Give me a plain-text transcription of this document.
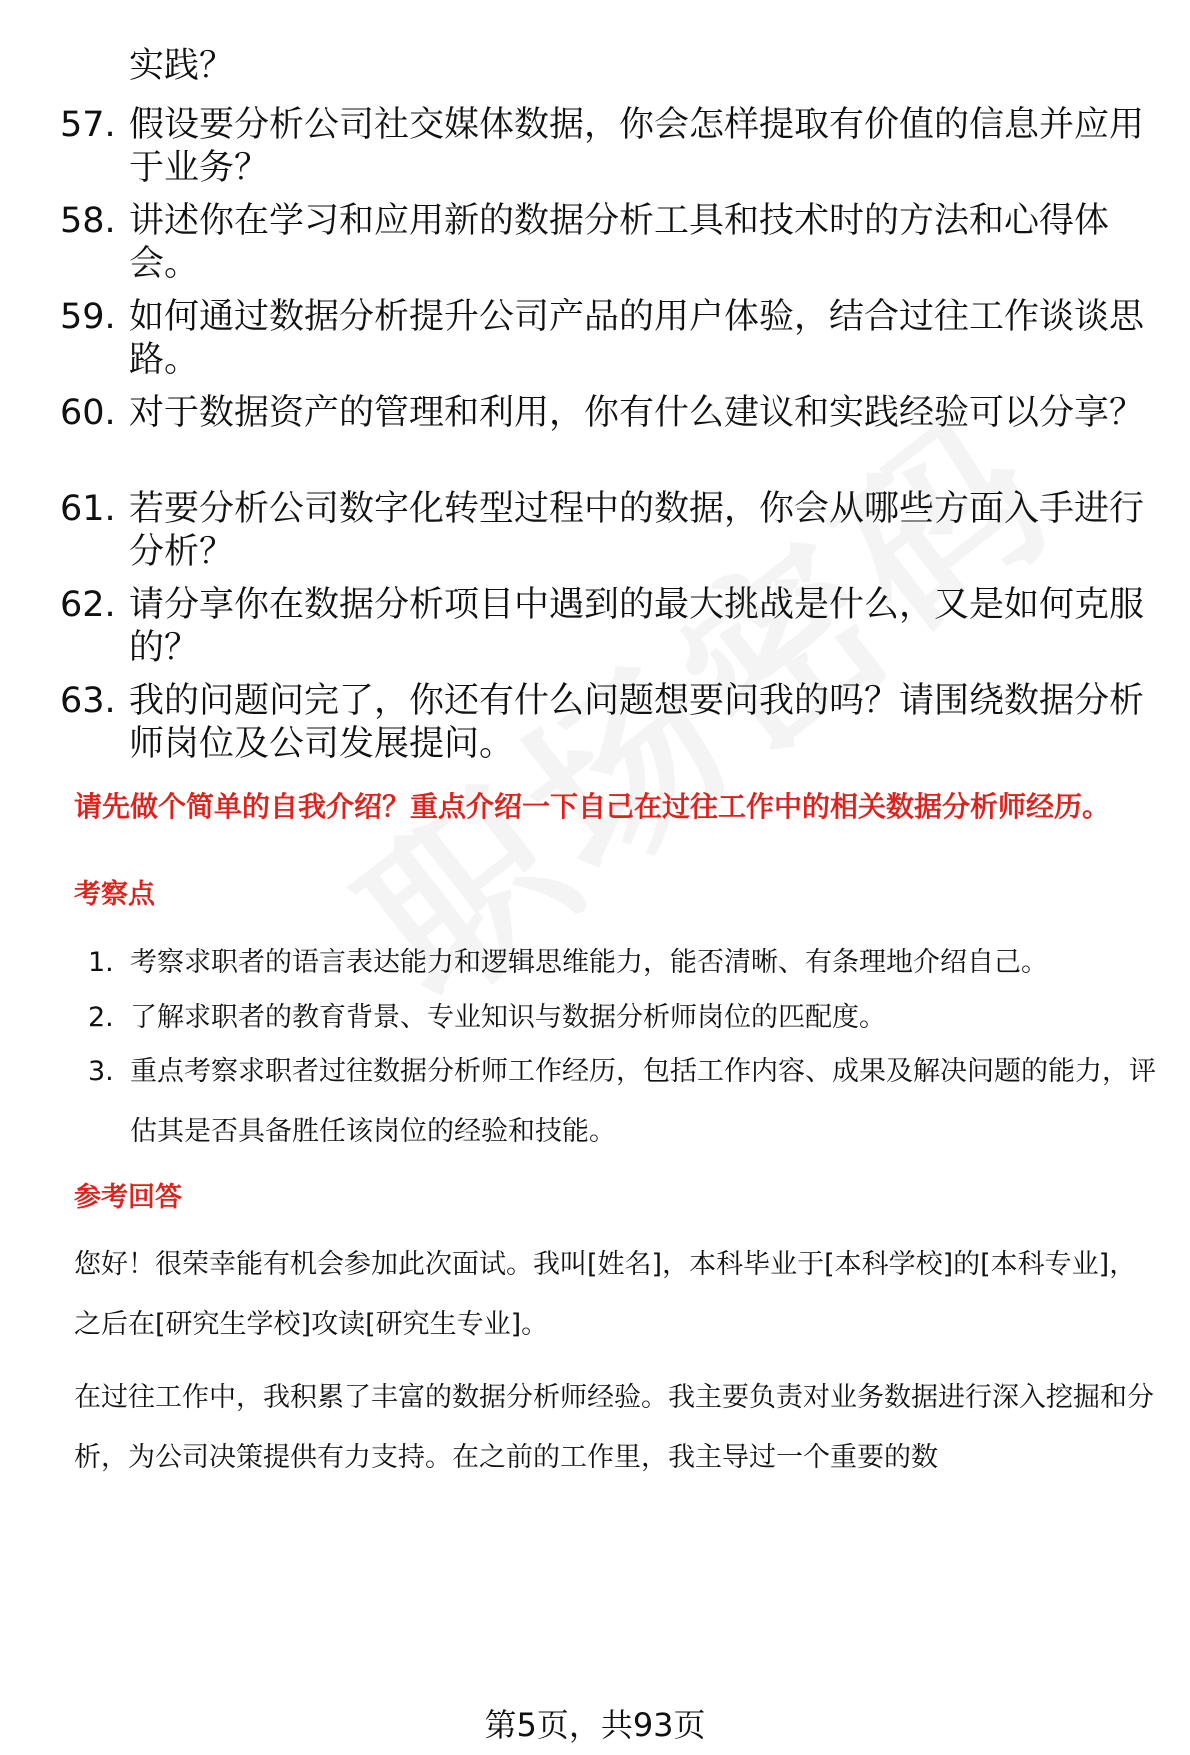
实践？
57. 假设要分析公司社交媒体数据，你会怎样提取有价值的信息并应用于业务？
58. 讲述你在学习和应用新的数据分析工具和技术时的方法和心得体会。
59. 如何通过数据分析提升公司产品的用户体验，结合过往工作谈谈思路。
60. 对于数据资产的管理和利用，你有什么建议和实践经验可以分享？
61. 若要分析公司数字化转型过程中的数据，你会从哪些方面入手进行分析？
62. 请分享你在数据分析项目中遇到的最大挑战是什么，又是如何克服的？
63. 我的问题问完了，你还有什么问题想要问我的吗？请围绕数据分析师岗位及公司发展提问。
请先做个简单的自我介绍？重点介绍一下自己在过往工作中的相关数据分析师经历。
考察点
1. 考察求职者的语言表达能力和逻辑思维能力，能否清晰、有条理地介绍自己。
2. 了解求职者的教育背景、专业知识与数据分析师岗位的匹配度。
3. 重点考察求职者过往数据分析师工作经历，包括工作内容、成果及解决问题的能力，评估其是否具备胜任该岗位的经验和技能。
参考回答
您好！很荣幸能有机会参加此次面试。我叫[姓名]，本科毕业于[本科学校]的[本科专业]，之后在[研究生学校]攻读[研究生专业]。
在过往工作中，我积累了丰富的数据分析师经验。我主要负责对业务数据进行深入挖掘和分析，为公司决策提供有力支持。在之前的工作里，我主导过一个重要的数
第5页，共93页
